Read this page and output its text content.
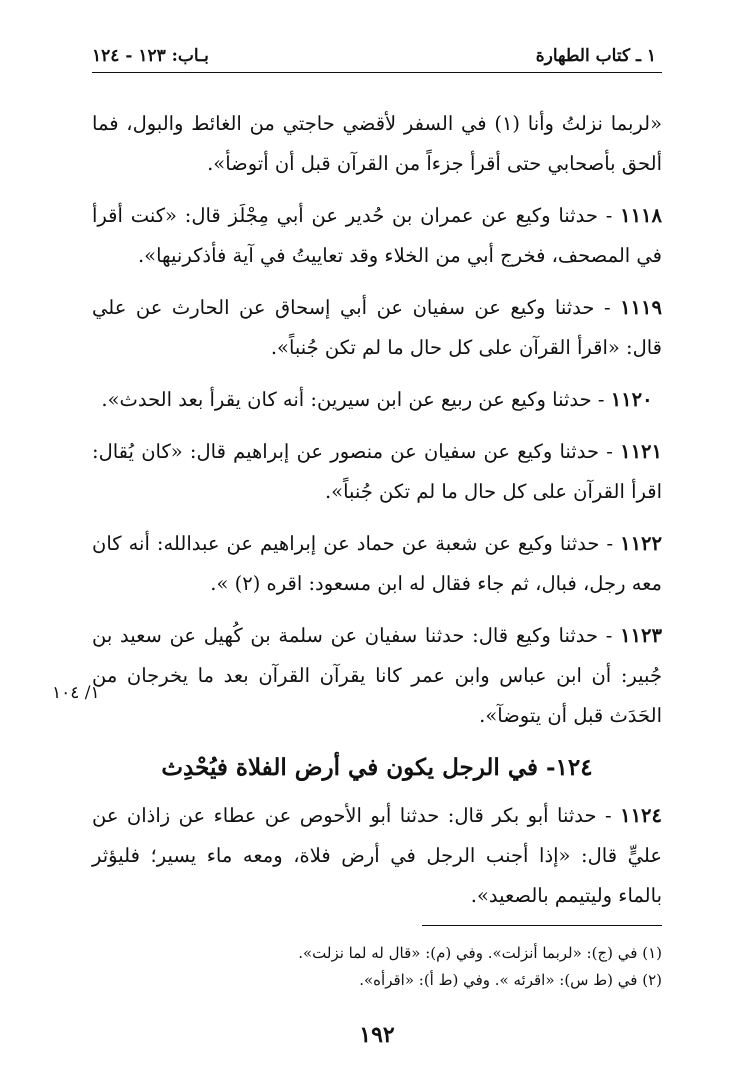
١ ـ كتاب الطهارة
بـاب: ١٢٣ - ١٢٤

«لربما نزلتُ وأنا (١) في السفر لأقضي حاجتي من الغائط والبول، فما ألحق بأصحابي حتى أقرأ جزءاً من القرآن قبل أن أتوضأ».

١١١٨ - حدثنا وكيع عن عمران بن حُدير عن أبي مِجْلَز قال: «كنت أقرأ في المصحف، فخرج أبي من الخلاء وقد تعاييتُ في آية فأذكرنيها».

١١١٩ - حدثنا وكيع عن سفيان عن أبي إسحاق عن الحارث عن علي قال: «اقرأ القرآن على كل حال ما لم تكن جُنباً».

١١٢٠ - حدثنا وكيع عن ربيع عن ابن سيرين: أنه كان يقرأ بعد الحدث».

١١٢١ - حدثنا وكيع عن سفيان عن منصور عن إبراهيم قال: «كان يُقال: اقرأ القرآن على كل حال ما لم تكن جُنباً».

١١٢٢ - حدثنا وكيع عن شعبة عن حماد عن إبراهيم عن عبدالله: أنه كان معه رجل، فبال، ثم جاء فقال له ابن مسعود: اقره (٢) ».

١١٢٣ - حدثنا وكيع قال: حدثنا سفيان عن سلمة بن كُهيل عن سعيد بن جُبير: أن ابن عباس وابن عمر كانا يقرآن القرآن بعد ما يخرجان من الحَدَث قبل أن يتوضآ».

١٢٤- في الرجل يكون في أرض الفلاة فيُحْدِث

١١٢٤ - حدثنا أبو بكر قال: حدثنا أبو الأحوص عن عطاء عن زاذان عن عليٍّ قال: «إذا أجنب الرجل في أرض فلاة، ومعه ماء يسير؛ فليؤثر بالماء وليتيمم بالصعيد».

١/ ١٠٤
(١) في (ج): «لربما أنزلت». وفي (م): «قال له لما نزلت».
(٢) في (ط س): «اقرئه ». وفي (ط أ): «اقرأه».
١٩٢
